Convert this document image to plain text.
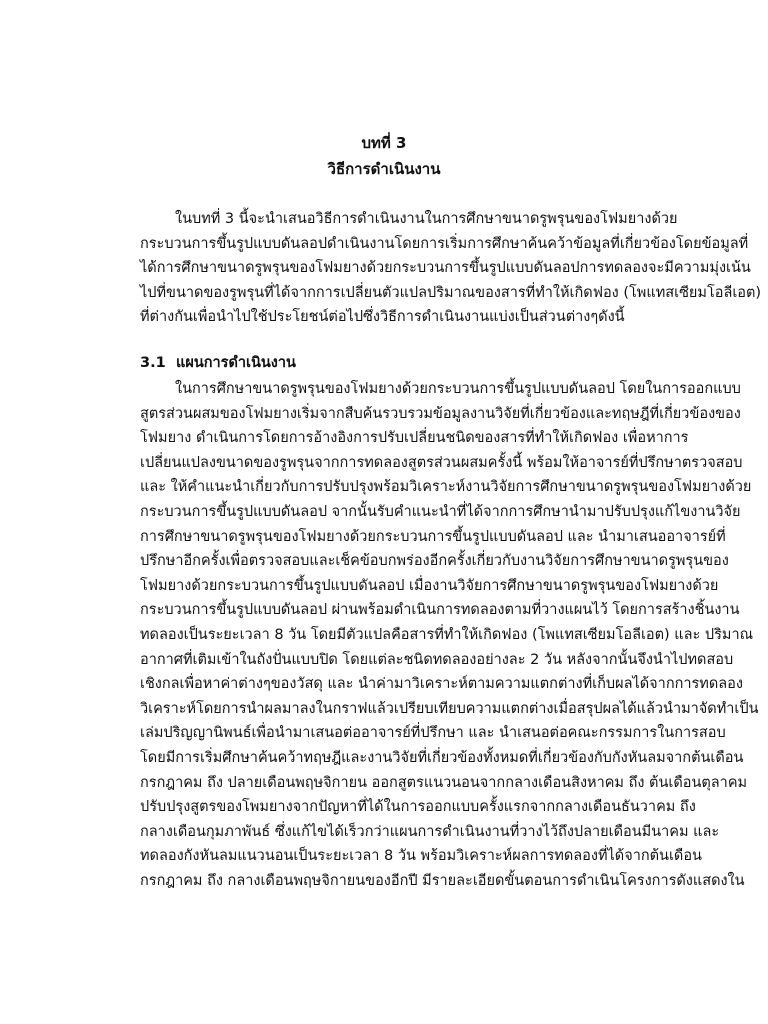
บทที่ 3
วิธีการดำเนินงาน
ในบทที่ 3 นี้จะนำเสนอวิธีการดำเนินงานในการศึกษาขนาดรูพรุนของโฟมยางด้วย
กระบวนการขึ้นรูปแบบดันลอปดำเนินงานโดยการเริ่มการศึกษาค้นคว้าข้อมูลที่เกี่ยวข้องโดยข้อมูลที่
ได้การศึกษาขนาดรูพรุนของโฟมยางด้วยกระบวนการขึ้นรูปแบบดันลอปการทดลองจะมีความมุ่งเน้น
ไปที่ขนาดของรูพรุนที่ได้จากการเปลี่ยนตัวแปลปริมาณของสารที่ทำให้เกิดฟอง (โพแทสเซียมโอลีเอต)
ที่ต่างกันเพื่อนำไปใช้ประโยชน์ต่อไปซึ่งวิธีการดำเนินงานแบ่งเป็นส่วนต่างๆดังนี้
3.1 แผนการดำเนินงาน
ในการศึกษาขนาดรูพรุนของโฟมยางด้วยกระบวนการขึ้นรูปแบบดันลอป โดยในการออกแบบ
สูตรส่วนผสมของโฟมยางเริ่มจากสืบค้นรวบรวมข้อมูลงานวิจัยที่เกี่ยวข้องและทฤษฎีที่เกี่ยวข้องของ
โฟมยาง ดำเนินการโดยการอ้างอิงการปรับเปลี่ยนชนิดของสารที่ทำให้เกิดฟอง เพื่อหาการ
เปลี่ยนแปลงขนาดของรูพรุนจากการทดลองสูตรส่วนผสมครั้งนี้ พร้อมให้อาจารย์ที่ปรึกษาตรวจสอบ
และ ให้คำแนะนำเกี่ยวกับการปรับปรุงพร้อมวิเคราะห์งานวิจัยการศึกษาขนาดรูพรุนของโฟมยางด้วย
กระบวนการขึ้นรูปแบบดันลอป จากนั้นรับคำแนะนำที่ได้จากการศึกษานำมาปรับปรุงแก้ไขงานวิจัย
การศึกษาขนาดรูพรุนของโฟมยางด้วยกระบวนการขึ้นรูปแบบดันลอป และ นำมาเสนออาจารย์ที่
ปรึกษาอีกครั้งเพื่อตรวจสอบและเช็คข้อบกพร่องอีกครั้งเกี่ยวกับงานวิจัยการศึกษาขนาดรูพรุนของ
โฟมยางด้วยกระบวนการขึ้นรูปแบบดันลอป เมื่องานวิจัยการศึกษาขนาดรูพรุนของโฟมยางด้วย
กระบวนการขึ้นรูปแบบดันลอป ผ่านพร้อมดำเนินการทดลองตามที่วางแผนไว้ โดยการสร้างชิ้นงาน
ทดลองเป็นระยะเวลา 8 วัน โดยมีตัวแปลคือสารที่ทำให้เกิดฟอง (โพแทสเซียมโอลีเอต) และ ปริมาณ
อากาศที่เติมเข้าในถังปั่นแบบปิด โดยแต่ละชนิดทดลองอย่างละ 2 วัน หลังจากนั้นจึงนำไปทดสอบ
เชิงกลเพื่อหาค่าต่างๆของวัสดุ และ นำค่ามาวิเคราะห์ตามความแตกต่างที่เก็บผลได้จากการทดลอง
วิเคราะห์โดยการนำผลมาลงในกราฟแล้วเปรียบเทียบความแตกต่างเมื่อสรุปผลได้แล้วนำมาจัดทำเป็น
เล่มปริญญานิพนธ์เพื่อนำมาเสนอต่ออาจารย์ที่ปรึกษา และ นำเสนอต่อคณะกรรมการในการสอบ
โดยมีการเริ่มศึกษาค้นคว้าทฤษฎีและงานวิจัยที่เกี่ยวข้องทั้งหมดที่เกี่ยวข้องกับกังหันลมจากต้นเดือน
กรกฎาคม ถึง ปลายเดือนพฤษจิกายน ออกสูตรแนวนอนจากกลางเดือนสิงหาคม ถึง ต้นเดือนตุลาคม
ปรับปรุงสูตรของโพมยางจากปัญหาที่ได้ในการออกแบบครั้งแรกจากกลางเดือนธันวาคม ถึง
กลางเดือนกุมภาพันธ์ ซึ่งแก้ไขได้เร็วกว่าแผนการดำเนินงานที่วางไว้ถึงปลายเดือนมีนาคม และ
ทดลองกังหันลมแนวนอนเป็นระยะเวลา 8 วัน พร้อมวิเคราะห์ผลการทดลองที่ได้จากต้นเดือน
กรกฎาคม ถึง กลางเดือนพฤษจิกายนของอีกปี มีรายละเอียดขั้นตอนการดำเนินโครงการดังแสดงใน
